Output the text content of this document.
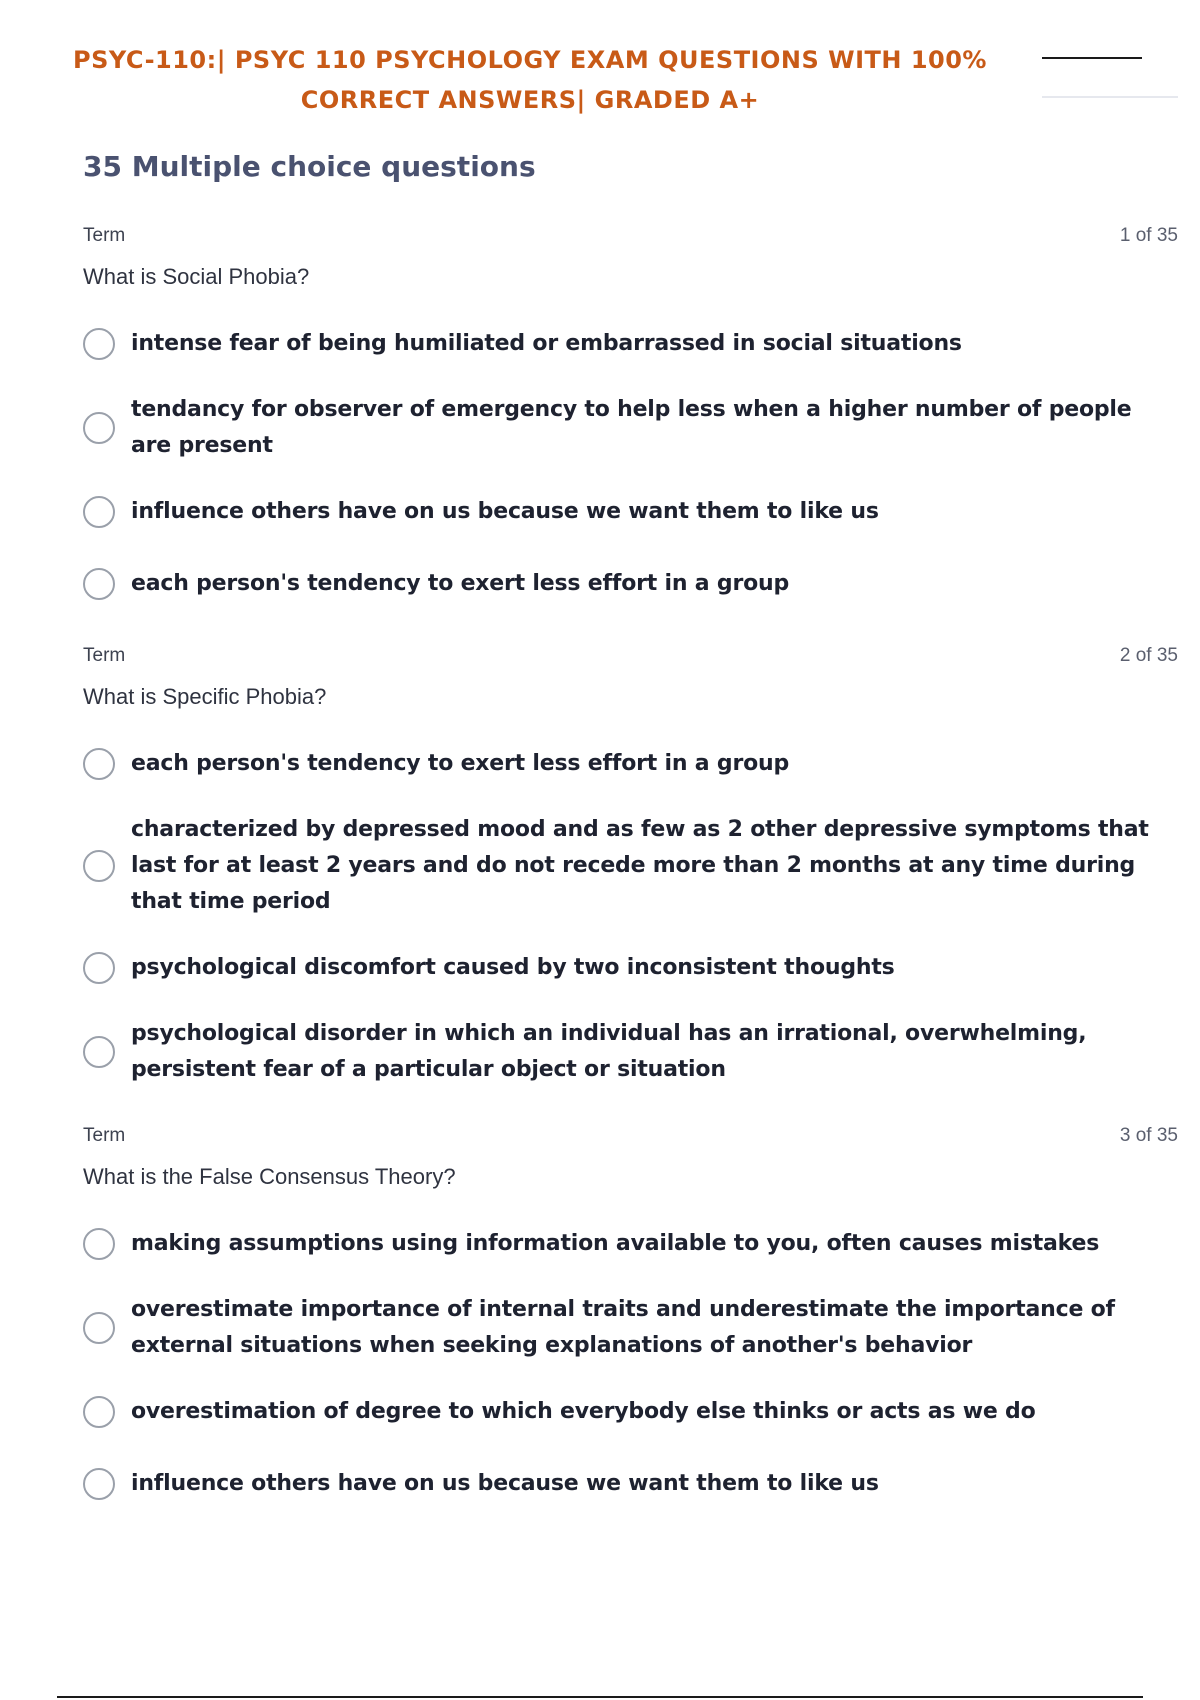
PSYC-110:| PSYC 110 PSYCHOLOGY EXAM QUESTIONS WITH 100%
CORRECT ANSWERS| GRADED A+
35 Multiple choice questions
Term	1 of 35
What is Social Phobia?
intense fear of being humiliated or embarrassed in social situations
tendancy for observer of emergency to help less when a higher number of people are present
influence others have on us because we want them to like us
each person's tendency to exert less effort in a group
Term	2 of 35
What is Specific Phobia?
each person's tendency to exert less effort in a group
characterized by depressed mood and as few as 2 other depressive symptoms that last for at least 2 years and do not recede more than 2 months at any time during that time period
psychological discomfort caused by two inconsistent thoughts
psychological disorder in which an individual has an irrational, overwhelming, persistent fear of a particular object or situation
Term	3 of 35
What is the False Consensus Theory?
making assumptions using information available to you, often causes mistakes
overestimate importance of internal traits and underestimate the importance of external situations when seeking explanations of another's behavior
overestimation of degree to which everybody else thinks or acts as we do
influence others have on us because we want them to like us
